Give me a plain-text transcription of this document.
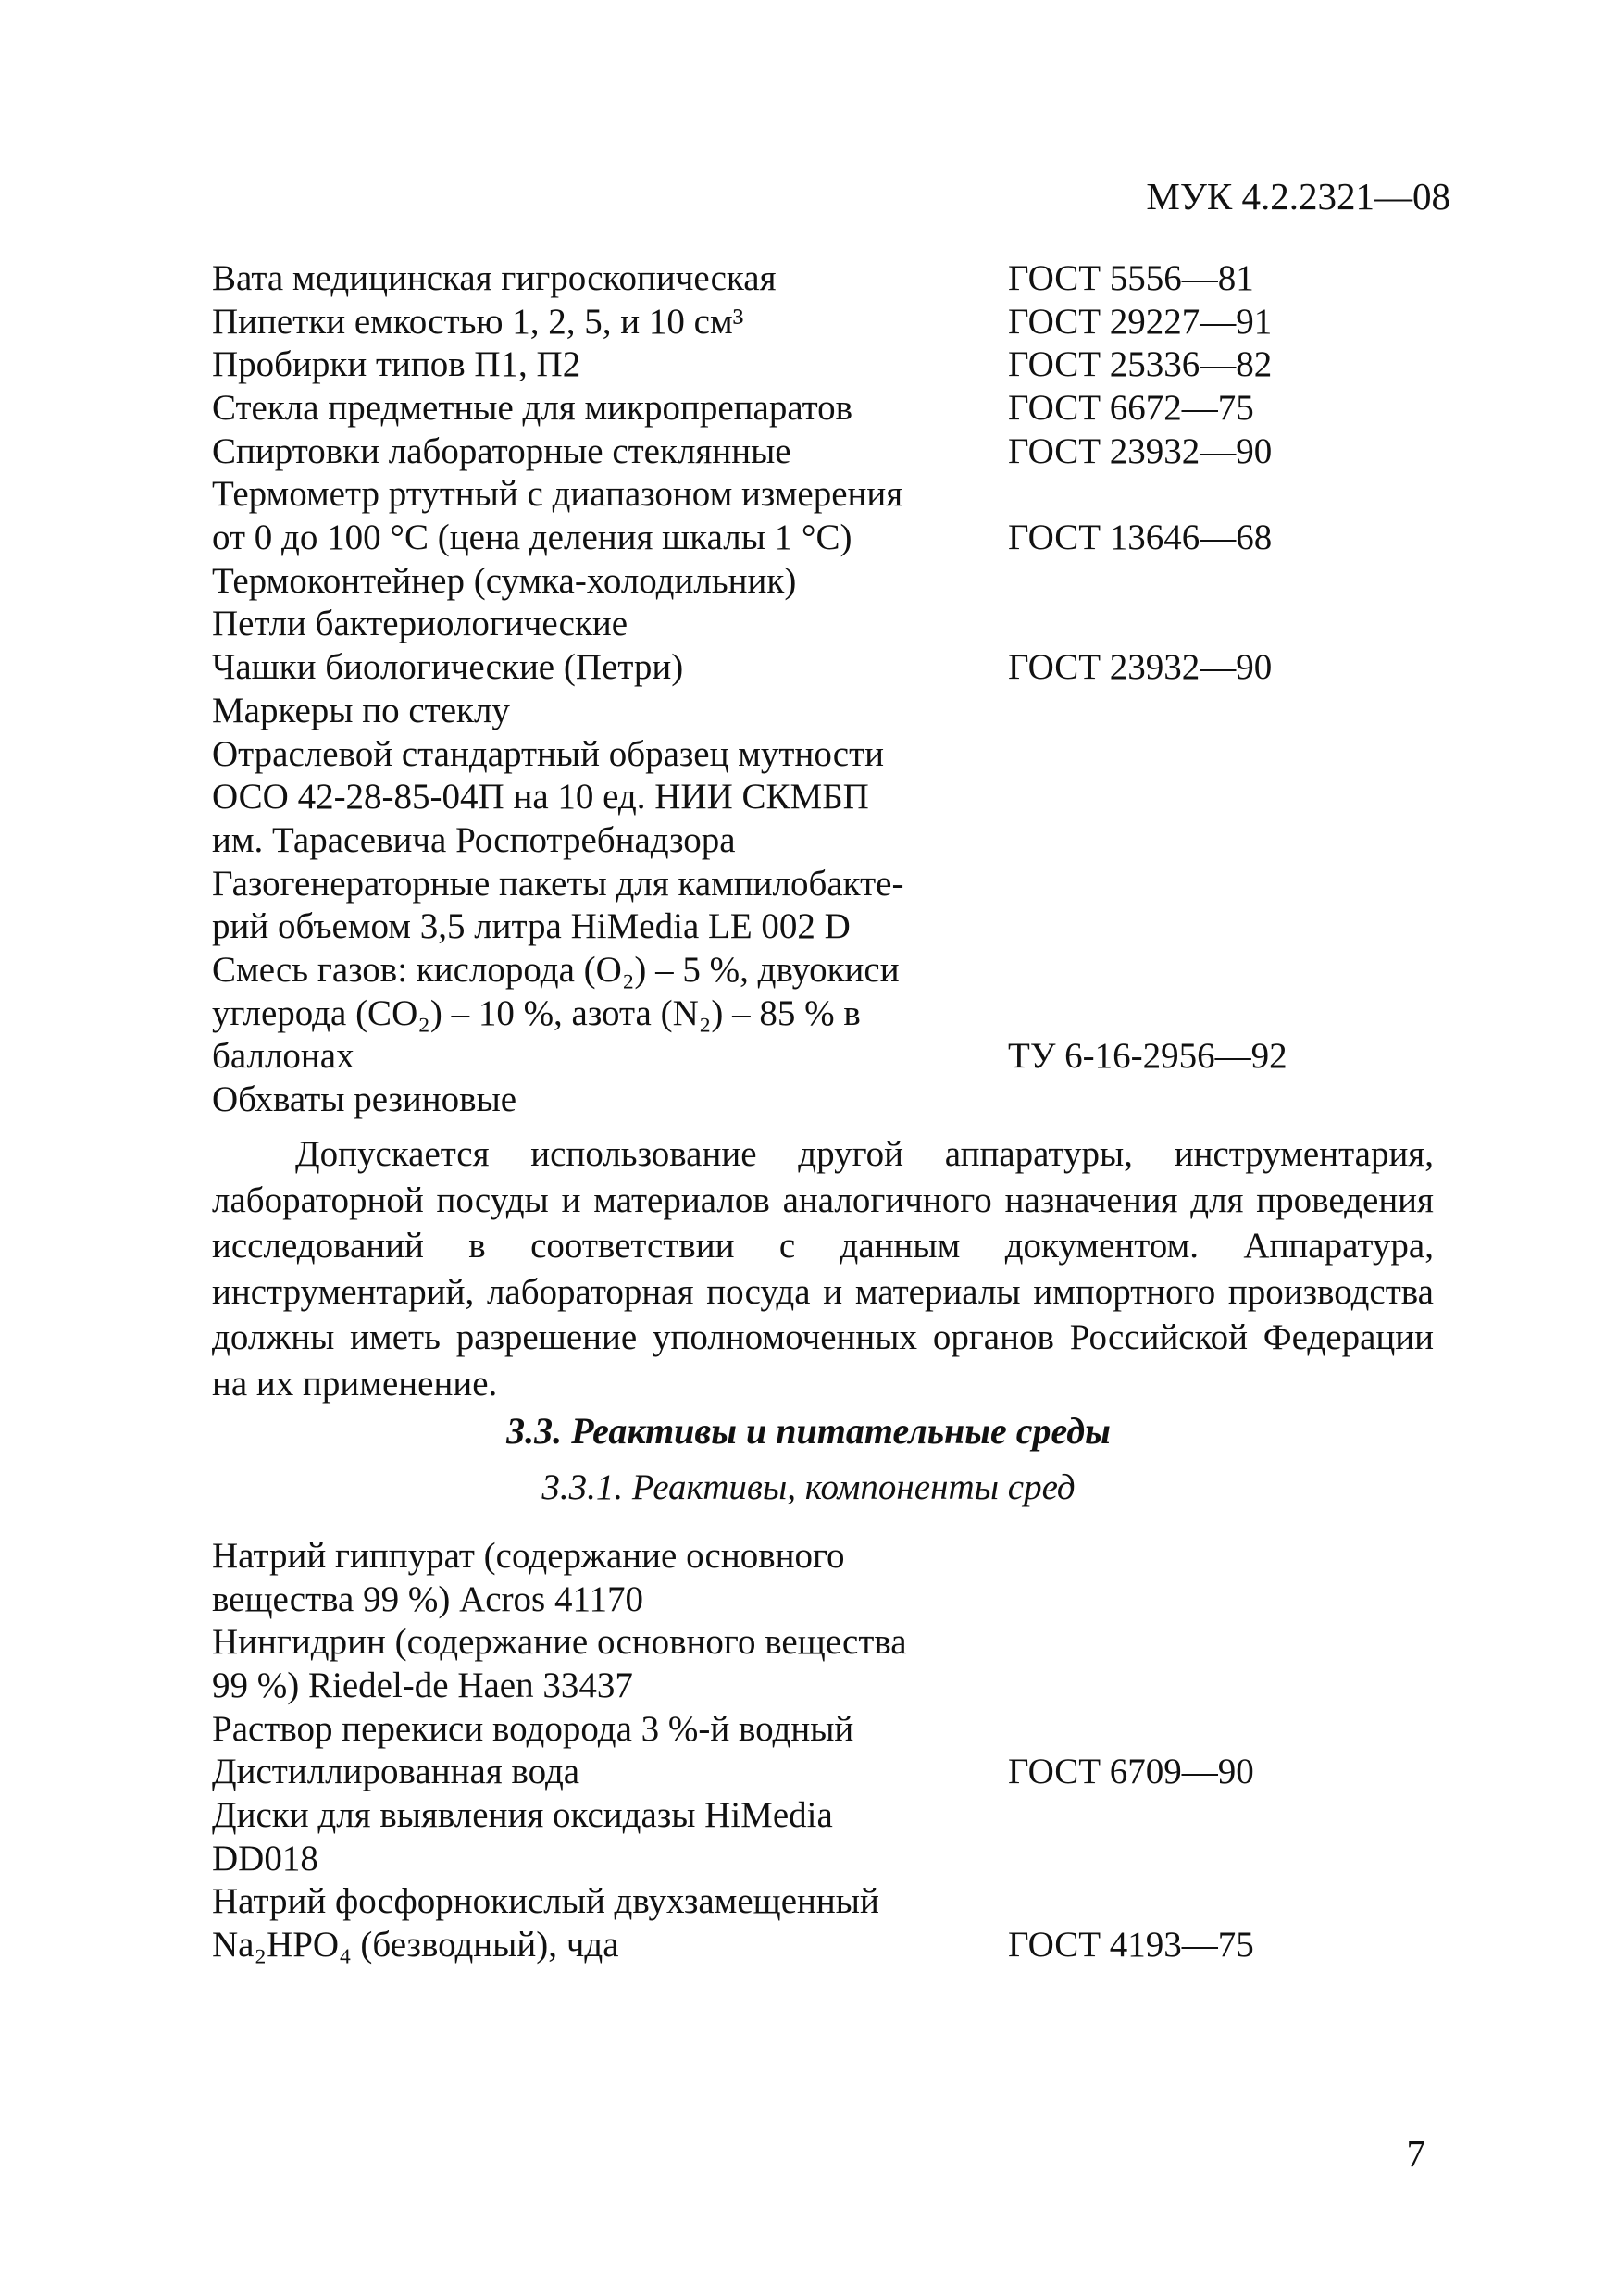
МУК 4.2.2321—08
Вата медицинская гигроскопическая	ГОСТ 5556—81
Пипетки емкостью 1, 2, 5, и 10 см³	ГОСТ 29227—91
Пробирки типов П1, П2	ГОСТ 25336—82
Стекла предметные для микропрепаратов	ГОСТ 6672—75
Спиртовки лабораторные стеклянные	ГОСТ 23932—90
Термометр ртутный с диапазоном измерения
от 0 до 100 °С (цена деления шкалы 1 °С)	ГОСТ 13646—68
Термоконтейнер (сумка-холодильник)
Петли бактериологические
Чашки биологические (Петри)	ГОСТ 23932—90
Маркеры по стеклу
Отраслевой стандартный образец мутности
ОСО 42-28-85-04П на 10 ед. НИИ СКМБП
им. Тарасевича Роспотребнадзора
Газогенераторные пакеты для кампилобакте-
рий объемом 3,5 литра HiMedia LE 002 D
Смесь газов: кислорода (O₂) – 5 %, двуокиси
углерода (CO₂) – 10 %, азота (N₂) – 85 % в
баллонах	ТУ 6-16-2956—92
Обхваты резиновые
Допускается использование другой аппаратуры, инструментария, лабораторной посуды и материалов аналогичного назначения для проведения исследований в соответствии с данным документом. Аппаратура, инструментарий, лабораторная посуда и материалы импортного производства должны иметь разрешение уполномоченных органов Российской Федерации на их применение.
3.3. Реактивы и питательные среды
3.3.1. Реактивы, компоненты сред
Натрий гиппурат (содержание основного
вещества 99 %) Acros 41170
Нингидрин (содержание основного вещества
99 %) Riedel-de Haen 33437
Раствор перекиси водорода 3 %-й водный
Дистиллированная вода	ГОСТ 6709—90
Диски для выявления оксидазы HiMedia
DD018
Натрий фосфорнокислый двухзамещенный
Na₂HPO₄ (безводный), чда	ГОСТ 4193—75
7
